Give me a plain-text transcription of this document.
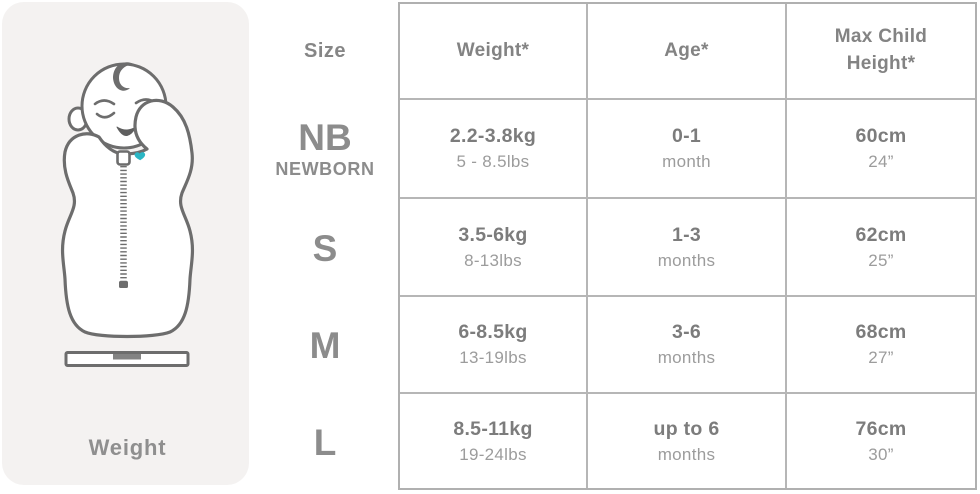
Weight
Size
NB
NEWBORN
S
M
L
Weight*	Age*
Max Child Height*
2.2-3.8kg
5 - 8.5lbs
0-1
month
60cm
24”
3.5-6kg
8-13lbs
1-3
months
62cm
25”
6-8.5kg
13-19lbs
3-6
months
68cm
27”
8.5-11kg
19-24lbs
up to 6
months
76cm
30”
